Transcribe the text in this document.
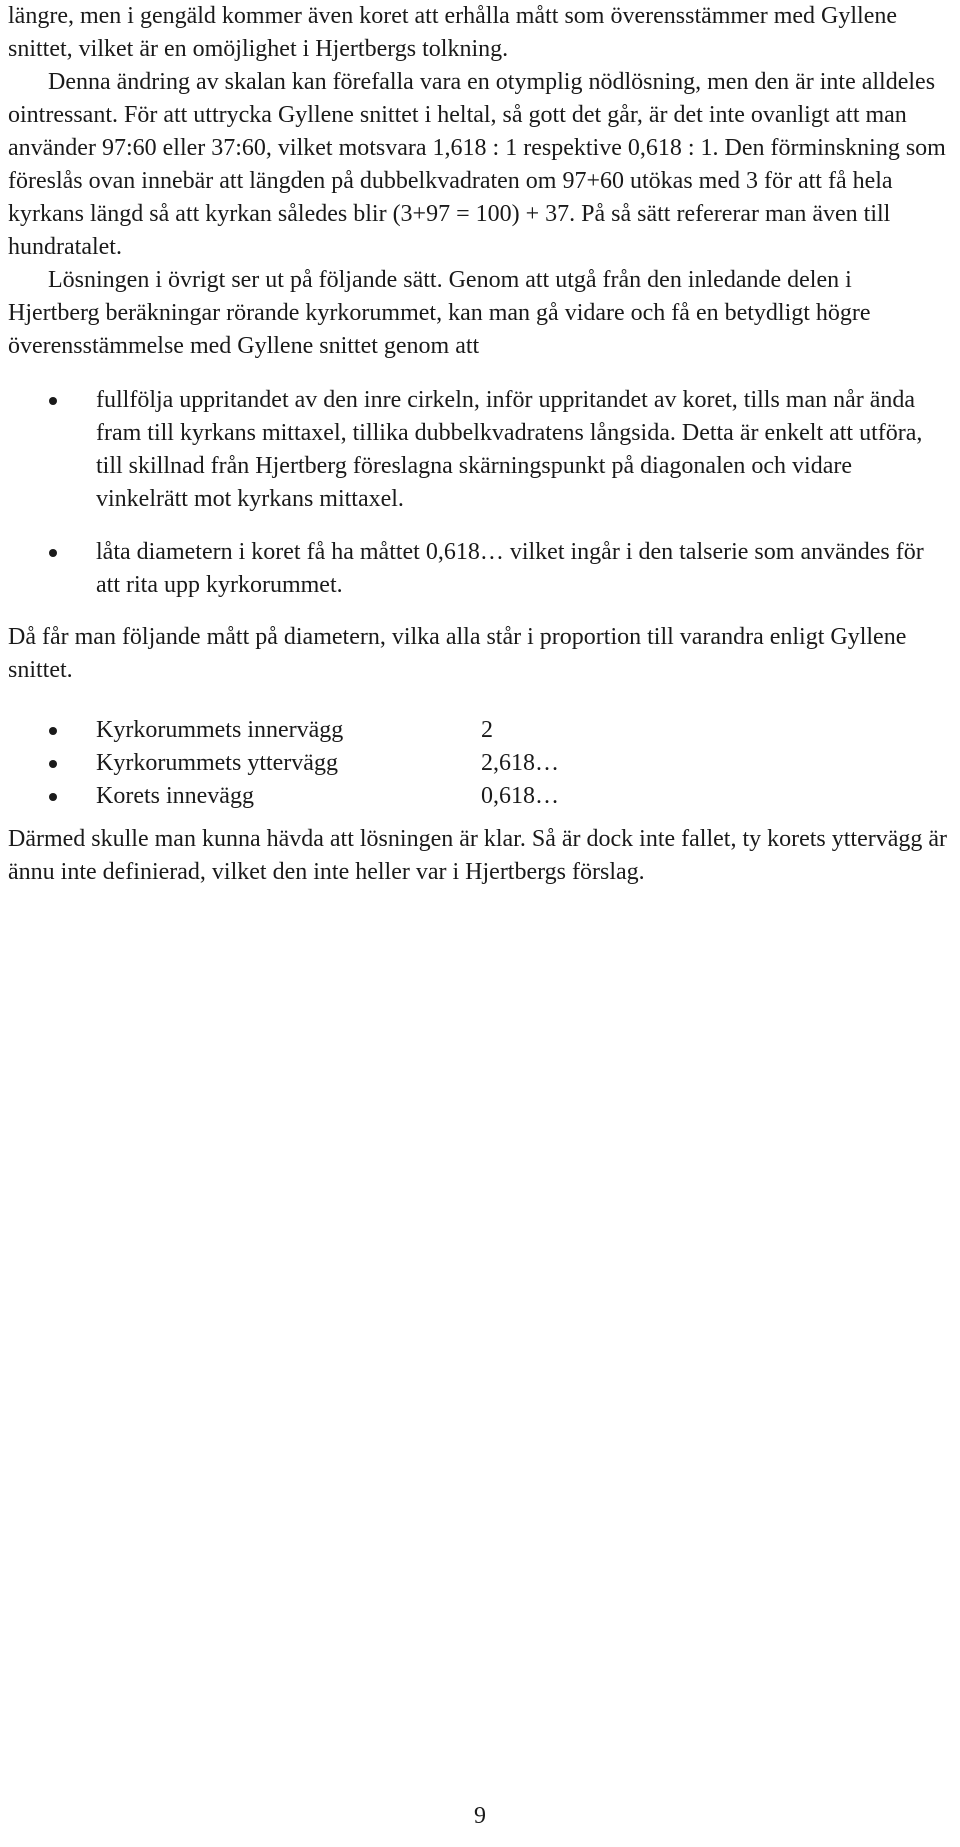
längre, men i gengäld kommer även koret att erhålla mått som överensstämmer med Gyllene snittet, vilket är en omöjlighet i Hjertbergs tolkning.

Denna ändring av skalan kan förefalla vara en otymplig nödlösning, men den är inte alldeles ointressant. För att uttrycka Gyllene snittet i heltal, så gott det går, är det inte ovanligt att man använder 97:60 eller 37:60, vilket motsvara 1,618 : 1 respektive 0,618 : 1. Den förminskning som föreslås ovan innebär att längden på dubbelkvadraten om 97+60 utökas med 3 för att få hela kyrkans längd så att kyrkan således blir (3+97 = 100) + 37. På så sätt refererar man även till hundratalet.

Lösningen i övrigt ser ut på följande sätt. Genom att utgå från den inledande delen i Hjertberg beräkningar rörande kyrkorummet, kan man gå vidare och få en betydligt högre överensstämmelse med Gyllene snittet genom att

fullfölja uppritandet av den inre cirkeln, inför uppritandet av koret, tills man når ända fram till kyrkans mittaxel, tillika dubbelkvadratens långsida. Detta är enkelt att utföra, till skillnad från Hjertberg föreslagna skärningspunkt på diagonalen och vidare vinkelrätt mot kyrkans mittaxel.
låta diametern i koret få ha måttet 0,618… vilket ingår i den talserie som användes för att rita upp kyrkorummet.

Då får man följande mått på diametern, vilka alla står i proportion till varandra enligt Gyllene snittet.

Kyrkorummets innervägg	2
Kyrkorummets yttervägg	2,618…
Korets innevägg	0,618…

Därmed skulle man kunna hävda att lösningen är klar. Så är dock inte fallet, ty korets yttervägg är ännu inte definierad, vilket den inte heller var i Hjertbergs förslag.

9
